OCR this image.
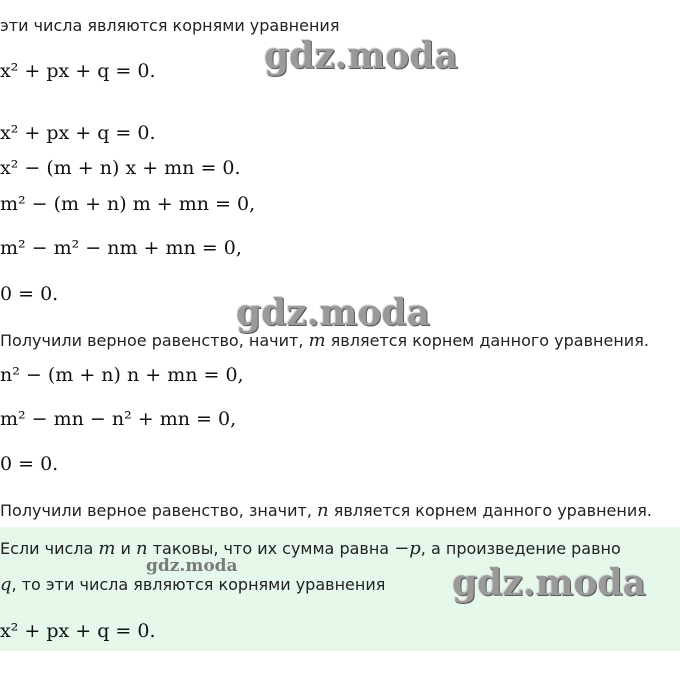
эти числа являются корнями уравнения
x² + px + q = 0.
x² + px + q = 0.
x² − (m + n) x + mn = 0.
m² − (m + n) m + mn = 0,
m² − m² − nm + mn = 0,
0 = 0.
Получили верное равенство, начит, m является корнем данного уравнения.
n² − (m + n) n + mn = 0,
m² − mn − n² + mn = 0,
0 = 0.
Получили верное равенство, значит, n является корнем данного уравнения.
Если числа m и n таковы, что их сумма равна −p, а произведение равно
q, то эти числа являются корнями уравнения
x² + px + q = 0.
gdz.moda
gdz.moda
gdz.moda	gdz.moda
